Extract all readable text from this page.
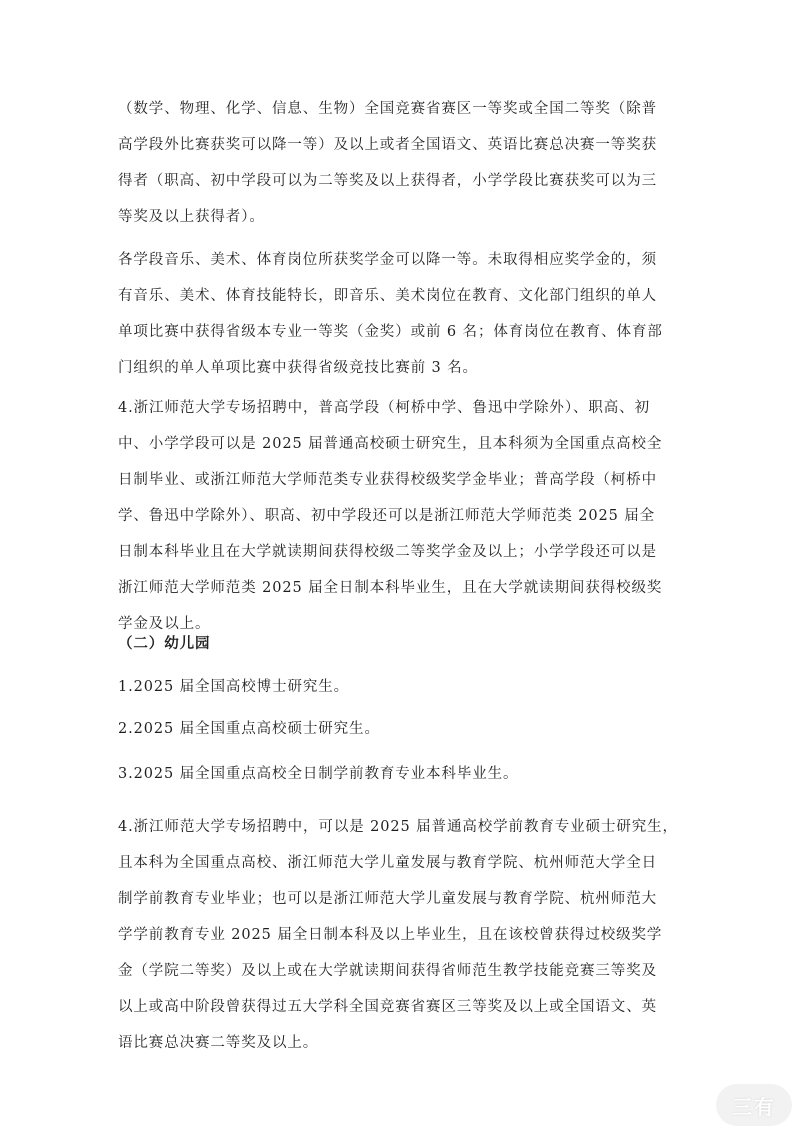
（数学、物理、化学、信息、生物）全国竞赛省赛区一等奖或全国二等奖（除普
高学段外比赛获奖可以降一等）及以上或者全国语文、英语比赛总决赛一等奖获
得者（职高、初中学段可以为二等奖及以上获得者，小学学段比赛获奖可以为三
等奖及以上获得者）。
各学段音乐、美术、体育岗位所获奖学金可以降一等。未取得相应奖学金的，须
有音乐、美术、体育技能特长，即音乐、美术岗位在教育、文化部门组织的单人
单项比赛中获得省级本专业一等奖（金奖）或前 6 名；体育岗位在教育、体育部
门组织的单人单项比赛中获得省级竞技比赛前 3 名。
4.浙江师范大学专场招聘中，普高学段（柯桥中学、鲁迅中学除外）、职高、初
中、小学学段可以是 2025 届普通高校硕士研究生，且本科须为全国重点高校全
日制毕业、或浙江师范大学师范类专业获得校级奖学金毕业；普高学段（柯桥中
学、鲁迅中学除外）、职高、初中学段还可以是浙江师范大学师范类 2025 届全
日制本科毕业且在大学就读期间获得校级二等奖学金及以上；小学学段还可以是
浙江师范大学师范类 2025 届全日制本科毕业生，且在大学就读期间获得校级奖
学金及以上。
（二）幼儿园
1.2025 届全国高校博士研究生。
2.2025 届全国重点高校硕士研究生。
3.2025 届全国重点高校全日制学前教育专业本科毕业生。
4.浙江师范大学专场招聘中，可以是 2025 届普通高校学前教育专业硕士研究生，
且本科为全国重点高校、浙江师范大学儿童发展与教育学院、杭州师范大学全日
制学前教育专业毕业；也可以是浙江师范大学儿童发展与教育学院、杭州师范大
学学前教育专业 2025 届全日制本科及以上毕业生，且在该校曾获得过校级奖学
金（学院二等奖）及以上或在大学就读期间获得省师范生教学技能竞赛三等奖及
以上或高中阶段曾获得过五大学科全国竞赛省赛区三等奖及以上或全国语文、英
语比赛总决赛二等奖及以上。
三有
